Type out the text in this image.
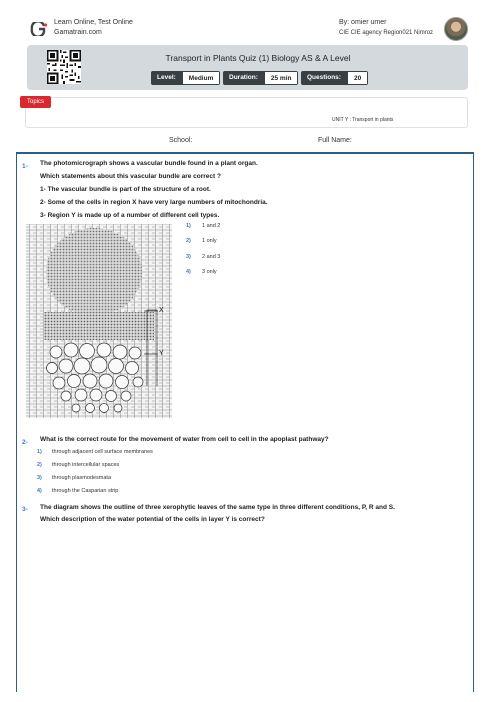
Learn Online, Test Online
Gamatrain.com
By: omier umer
CIE CIE agency Region021 Nimroz
Transport in Plants Quiz (1) Biology AS & A Level
Level:	Medium	Duration:	25 min	Questions:	20
Topics
UNIT Y : Transport in plants
School:	Full Name:
1- The photomicrograph shows a vascular bundle found in a plant organ.
Which statements about this vascular bundle are correct ?
1- The vascular bundle is part of the structure of a root.
2- Some of the cells in region X have very large numbers of mitochondria.
3- Region Y is made up of a number of different cell types.
X
Y
1) 1 and 2
2) 1 only
3) 2 and 3
4) 3 only
2- What is the correct route for the movement of water from cell to cell in the apoplast pathway?
1) through adjacent cell surface membranes
2) through intercellular spaces
3) through plasmodesmata
4) through the Casparian strip
3- The diagram shows the outline of three xerophytic leaves of the same type in three different conditions, P, R and S.
Which description of the water potential of the cells in layer Y is correct?
